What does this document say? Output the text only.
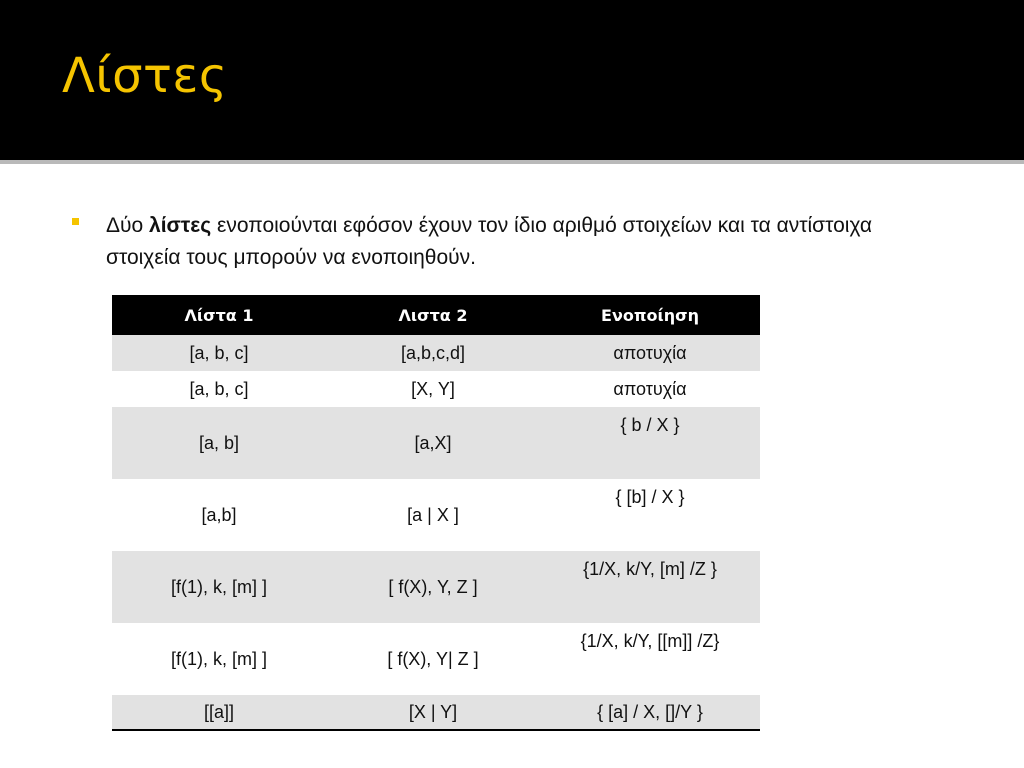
Λίστες
Δύο λίστες ενοποιούνται εφόσον έχουν τον ίδιο αριθμό στοιχείων και τα αντίστοιχα στοιχεία τους μπορούν να ενοποιηθούν.
Λίστα 1	Λιστα 2	Ενοποίηση
[a, b, c]	[a,b,c,d]	αποτυχία
[a, b, c]	[X, Y]	αποτυχία
[a, b]	[a,X]	{ b / X }
[a,b]	[a | X ]	{ [b] / X }
[f(1), k, [m] ]	[ f(X), Y, Z ]	{1/X, k/Y, [m] /Z }
[f(1), k, [m] ]	[ f(X), Y| Z ]	{1/X, k/Y, [[m]] /Z}
[[a]]	[X | Y]	{ [a] / X, []/Y }
